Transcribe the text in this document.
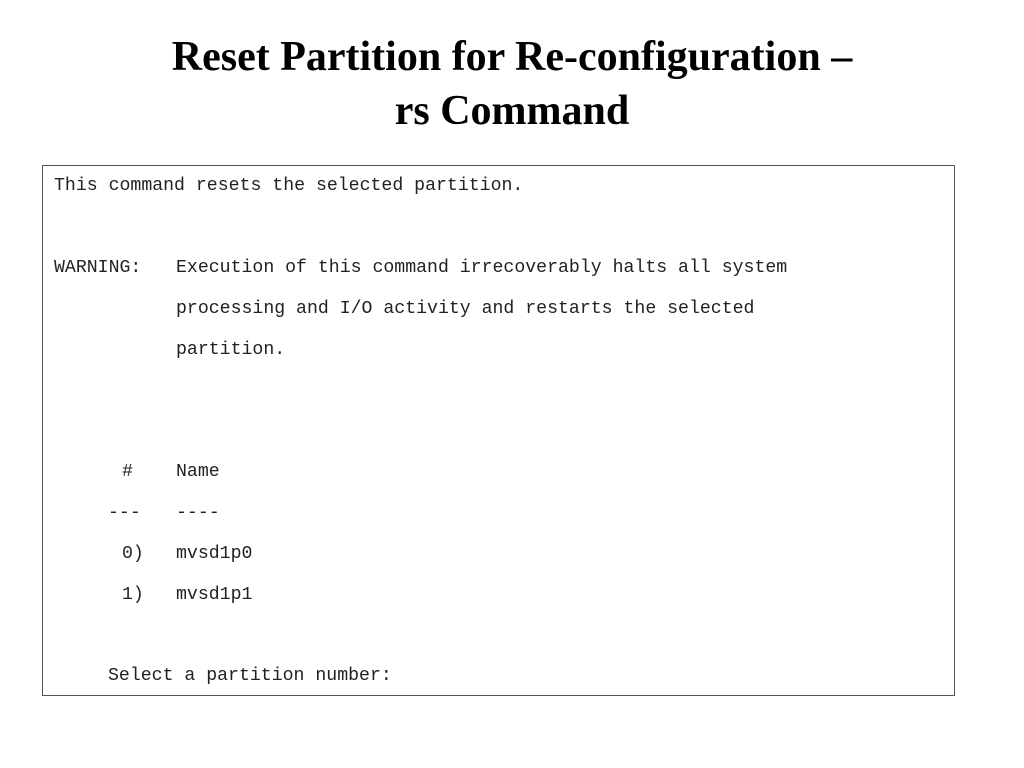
Reset Partition for Re-configuration –
rs Command
This command resets the selected partition.
WARNING: Execution of this command irrecoverably halts all system
processing and I/O activity and restarts the selected
partition.
# Name
--- ----
0) mvsd1p0
1) mvsd1p1
Select a partition number:
